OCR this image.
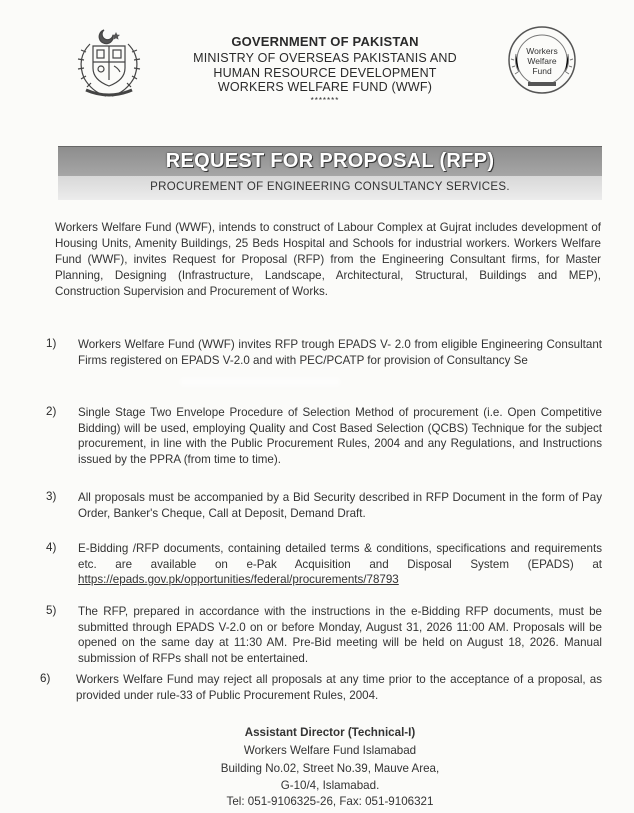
Workers
Welfare
Fund
GOVERNMENT OF PAKISTAN
MINISTRY OF OVERSEAS PAKISTANIS AND
HUMAN RESOURCE DEVELOPMENT
WORKERS WELFARE FUND (WWF)
*******
REQUEST FOR PROPOSAL (RFP)
PROCUREMENT OF ENGINEERING CONSULTANCY SERVICES.
Workers Welfare Fund (WWF), intends to construct of Labour Complex at Gujrat includes development of Housing Units, Amenity Buildings, 25 Beds Hospital and Schools for industrial workers. Workers Welfare Fund (WWF), invites Request for Proposal (RFP) from the Engineering Consultant firms, for Master Planning, Designing (Infrastructure, Landscape, Architectural, Structural, Buildings and MEP), Construction Supervision and Procurement of Works.
1) Workers Welfare Fund (WWF) invites RFP trough EPADS V- 2.0 from eligible Engineering Consultant Firms registered on EPADS V-2.0 and with PEC/PCATP for provision of Consultancy Se
2) Single Stage Two Envelope Procedure of Selection Method of procurement (i.e. Open Competitive Bidding) will be used, employing Quality and Cost Based Selection (QCBS) Technique for the subject procurement, in line with the Public Procurement Rules, 2004 and any Regulations, and Instructions issued by the PPRA (from time to time).
3) All proposals must be accompanied by a Bid Security described in RFP Document in the form of Pay Order, Banker's Cheque, Call at Deposit, Demand Draft.
4) E-Bidding /RFP documents, containing detailed terms & conditions, specifications and requirements etc. are available on e-Pak Acquisition and Disposal System (EPADS) at https://epads.gov.pk/opportunities/federal/procurements/78793
5) The RFP, prepared in accordance with the instructions in the e-Bidding RFP documents, must be submitted through EPADS V-2.0 on or before Monday, August 31, 2026 11:00 AM. Proposals will be opened on the same day at 11:30 AM. Pre-Bid meeting will be held on August 18, 2026. Manual submission of RFPs shall not be entertained.
6) Workers Welfare Fund may reject all proposals at any time prior to the acceptance of a proposal, as provided under rule-33 of Public Procurement Rules, 2004.
Assistant Director (Technical-I)
Workers Welfare Fund Islamabad
Building No.02, Street No.39, Mauve Area,
G-10/4, Islamabad.
Tel: 051-9106325-26, Fax: 051-9106321
